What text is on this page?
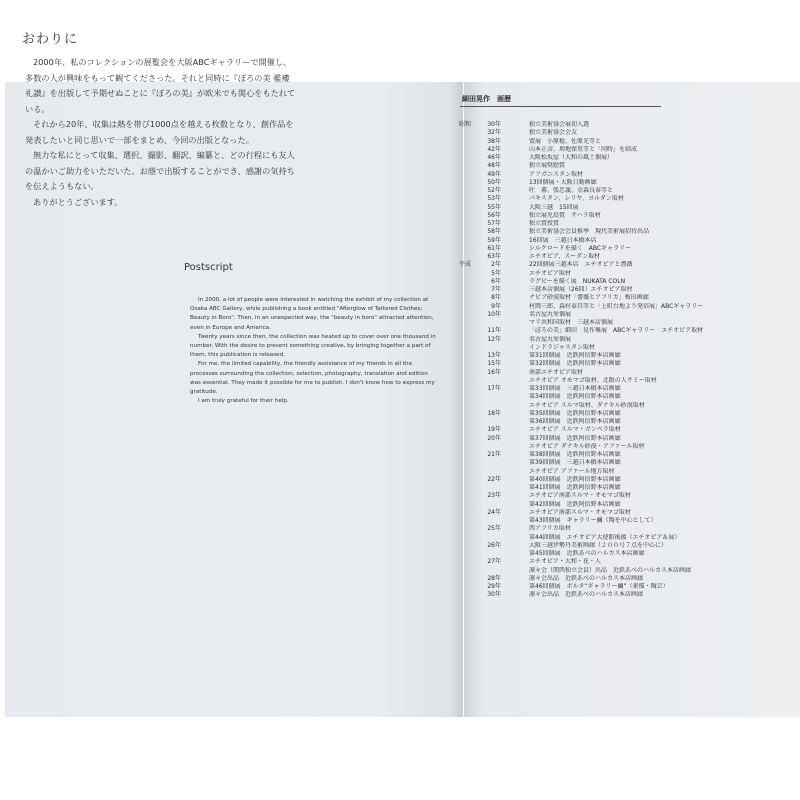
おわりに

2000年、私のコレクションの展覧会を大阪ABCギャラリーで開催し、多数の人が興味をもって観てくださった。それと同時に『ぼろの美 襤褸礼讃』を出版して予期せぬことに『ぼろの美』が欧米でも関心をもたれている。

それから20年、収集は熱を帯び1000点を越える枚数となり、創作品を発表したいと同じ思いで一部をまとめ、今回の出版となった。

無力な私にとって収集、選択、撮影、翻訳、編纂と、どの行程にも友人の温かいご助力をいただいた。お蔭で出版することができ、感謝の気持ちを伝えようもない。

ありがとうございます。

Postscript

In 2000, a lot of people were interested in watching the exhibit of my collection at Osaka ABC Gallery, while publishing a book entitled "Afterglow of Tattered Clothes; Beauty in Boro". Then, in an unexpected way, the "beauty in boro" attracted attention, even in Europe and America.

Twenty years since then, the collection was heated up to cover over one thousand in number. With the desire to present something creative, by bringing together a part of them, this publication is released.

For me, the limited capability, the friendly assistance of my friends in all the processes surrounding the collection, selection, photography, translation and edition was essential. They made it possible for me to publish. I don't know how to express my gratitude.

I am truly grateful for their help.

細田晃作　画歴
昭和	30年	独立美術協会展初入選
32年	独立美術協会会友
38年	盟展　小原稔、佐原光等と
42年	山本正彦、増地保男等と「同時」を結成
46年	大阪松坂屋（大和の風土個展）
48年	独立展奨励賞
49年	アフガニスタン取材
50年	13回個展・大阪日動画廊
52年	吐　蕃、張忠義、金森良泰等と
53年	パキスタン、シリヤ、ヨルダン取材
55年	大阪三越　15回展
56年	独立展児島賞　サハラ取材
57年	独立賞授賞
58年	独立美術協会会員推挙　現代美術展招待出品
59年	16回展　三越日本橋本店
61年	シルクロードを描く　ABCギャラリー
63年	エチオピア、スーダン取材
平成	2年	22回個展三越本店　エチオピアと薔薇
5年	エチオピア取材
6年	ラグビーを描く展　NUKATA COLN
7年	三越本店個展（26回）エチオピア取材
8年	ナビブ砂漠取材「薔薇とアフリカ」梅田画廊
9年	村岡三郎、森村泰昌等と「上町台地より発信展」ABCギャラリー
10年	名古屋丸栄個展
マリ共和国取材　三越本店個展
11年	「ぼろの美」細田　晃作集展　ABCギャラリー　エチオピア取材
12年	名古屋丸栄個展
インドラジャスタン取材
13年	第31回個展　近鉄阿倍野本店画廊
15年	第32回個展　近鉄阿倍野本店画廊
16年	南部エチオピア取材
エチオピア オモマゴ取材、北限の人サミー取材
17年	第33回個展　三越日本橋本店画廊
第34回個展　近鉄阿倍野本店画廊
エチオピア スルマ取材、ダナキル砂漠取材
18年	第35回個展　近鉄阿倍野本店画廊
第36回個展　近鉄阿倍野本店画廊
19年	エチオピア スルマ・ガンベラ取材
20年	第37回個展　近鉄阿倍野本店画廊
エチオピア ダナキル砂漠・アファール取材
21年	第38回個展　近鉄阿倍野本店画廊
第39回個展　三越日本橋本店画廊
エチオピア アファール地方取材
22年	第40回個展　近鉄阿倍野本店画廊
第41回個展　近鉄阿倍野本店画廊
23年	エチオピア南部スルマ・オモマゴ取材
第42回個展　近鉄阿倍野本店画廊
24年	エチオピア南部スルマ・オモマゴ取材
第43回個展　ギャラリー繭（陶を中心として）
25年	西アフリカ取材
第44回個展　エチオピア大使館後援（エチオピア＆展）
26年	大阪三越伊勢丹美術画廊（２００号７点を中心に）
第45回個展　近鉄あべのハルカス本店画廊
27年	エチオピア・大和・花・人
凛々会（関西独立会員）出品　近鉄あべのハルカス本店画廊
28年	凛々会出品　近鉄あべのハルカス本店画廊
29年	第46回個展　ボルタ“ギャラリー繭”（素描・陶芸）
30年	凛々会出品　近鉄あべのハルカス本店画廊
